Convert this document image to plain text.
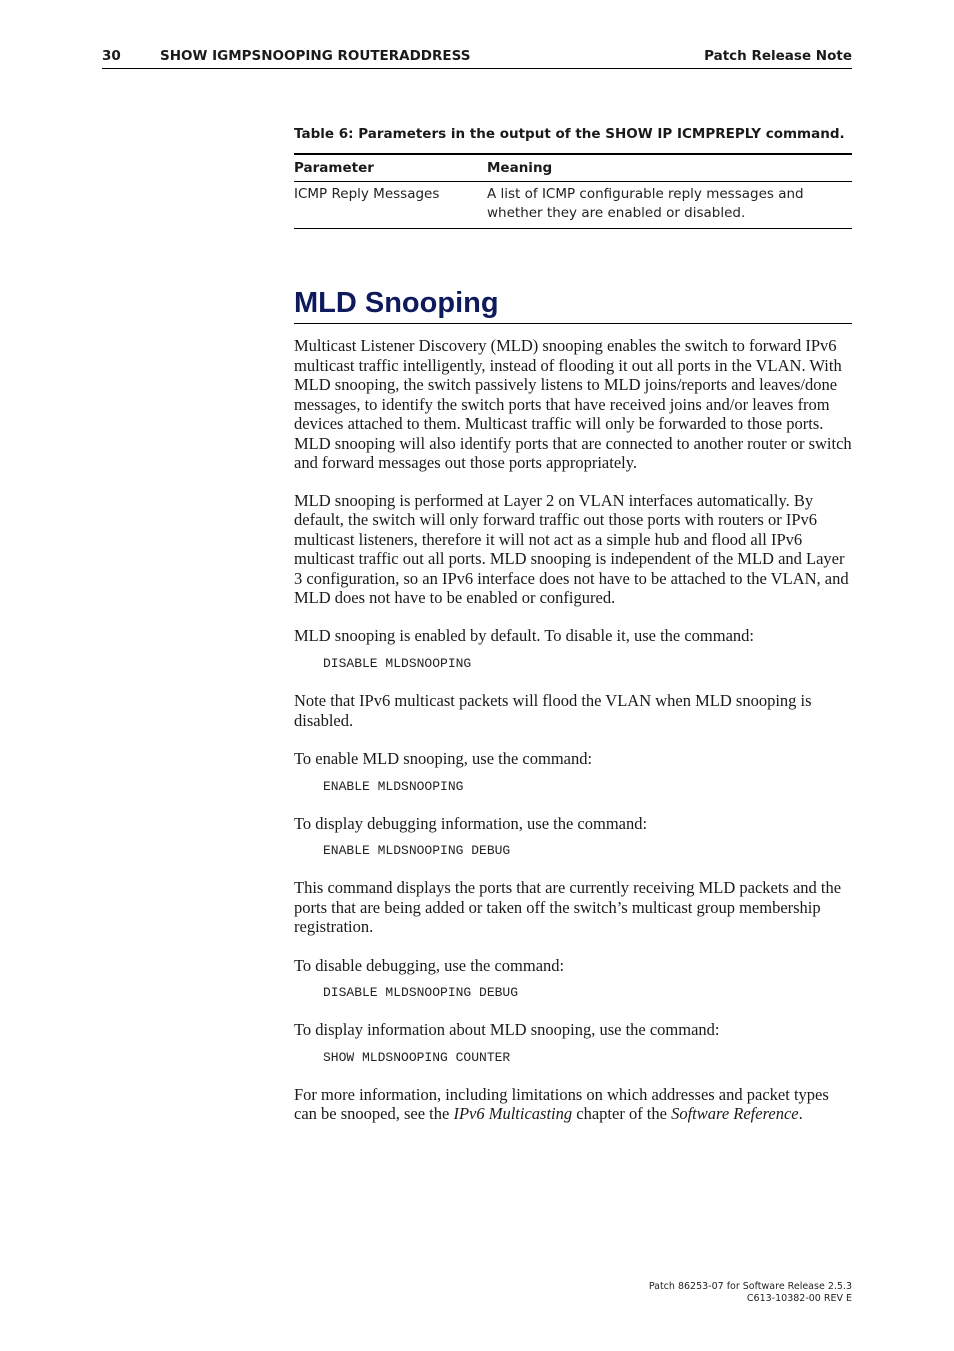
30	SHOW IGMPSNOOPING ROUTERADDRESS	Patch Release Note
Table 6: Parameters in the output of the SHOW IP ICMPREPLY command.
Parameter	Meaning
ICMP Reply Messages	A list of ICMP configurable reply messages and whether they are enabled or disabled.
MLD Snooping

Multicast Listener Discovery (MLD) snooping enables the switch to forward IPv6 multicast traffic intelligently, instead of flooding it out all ports in the VLAN. With MLD snooping, the switch passively listens to MLD joins/reports and leaves/done messages, to identify the switch ports that have received joins and/or leaves from devices attached to them. Multicast traffic will only be forwarded to those ports. MLD snooping will also identify ports that are connected to another router or switch and forward messages out those ports appropriately.

MLD snooping is performed at Layer 2 on VLAN interfaces automatically. By default, the switch will only forward traffic out those ports with routers or IPv6 multicast listeners, therefore it will not act as a simple hub and flood all IPv6 multicast traffic out all ports. MLD snooping is independent of the MLD and Layer 3 configuration, so an IPv6 interface does not have to be attached to the VLAN, and MLD does not have to be enabled or configured.

MLD snooping is enabled by default. To disable it, use the command:

DISABLE MLDSNOOPING

Note that IPv6 multicast packets will flood the VLAN when MLD snooping is disabled.

To enable MLD snooping, use the command:

ENABLE MLDSNOOPING

To display debugging information, use the command:

ENABLE MLDSNOOPING DEBUG

This command displays the ports that are currently receiving MLD packets and the ports that are being added or taken off the switch’s multicast group membership registration.

To disable debugging, use the command:

DISABLE MLDSNOOPING DEBUG

To display information about MLD snooping, use the command:

SHOW MLDSNOOPING COUNTER

For more information, including limitations on which addresses and packet types can be snooped, see the IPv6 Multicasting chapter of the Software Reference.

Patch 86253-07 for Software Release 2.5.3
C613-10382-00 REV E
